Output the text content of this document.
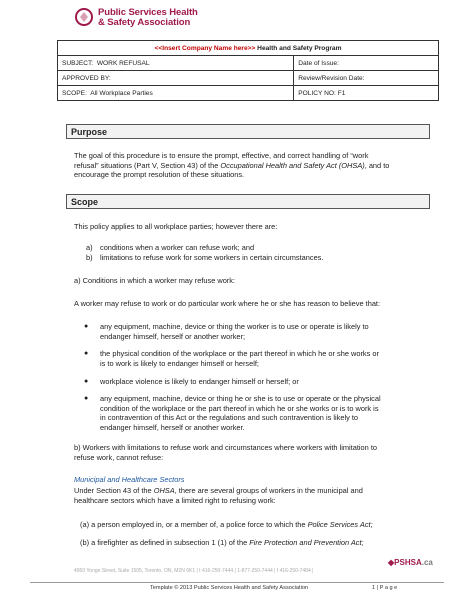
Public Services Health
& Safety Association
<<Insert Company Name here>> Health and Safety Program	
SUBJECT: WORK REFUSAL	Date of Issue:
APPROVED BY:	Review/Revision Date:
SCOPE: All Workplace Parties	POLICY NO: F1
Purpose
Scope
The goal of this procedure is to ensure the prompt, effective, and correct handling of “work
refusal” situations (Part V, Section 43) of the Occupational Health and Safety Act (OHSA), and to
encourage the prompt resolution of these situations.
This policy applies to all workplace parties; however there are:
a) conditions when a worker can refuse work; and
b) limitations to refuse work for some workers in certain circumstances.
a) Conditions in which a worker may refuse work:
A worker may refuse to work or do particular work where he or she has reason to believe that:
● any equipment, machine, device or thing the worker is to use or operate is likely to
endanger himself, herself or another worker;
● the physical condition of the workplace or the part thereof in which he or she works or
is to work is likely to endanger himself or herself;
● workplace violence is likely to endanger himself or herself; or
● any equipment, machine, device or thing he or she is to use or operate or the physical
condition of the workplace or the part thereof in which he or she works or is to work is
in contravention of this Act or the regulations and such contravention is likely to
endanger himself, herself or another worker.
b) Workers with limitations to refuse work and circumstances where workers with limitation to
refuse work, cannot refuse:
Municipal and Healthcare Sectors
Under Section 43 of the OHSA, there are several groups of workers in the municipal and
healthcare sectors which have a limited right to refusing work:
(a) a person employed in, or a member of, a police force to which the Police Services Act;
(b) a firefighter as defined in subsection 1 (1) of the Fire Protection and Prevention Act;
◆PSHSA.ca
4950 Yonge Street, Suite 1505, Toronto, ON, M2N 6K1 | t 416-250-7444 | 1-877-250-7444 | f 416-250-7484 |
Template © 2013 Public Services Health and Safety Association	1 | P a g e
